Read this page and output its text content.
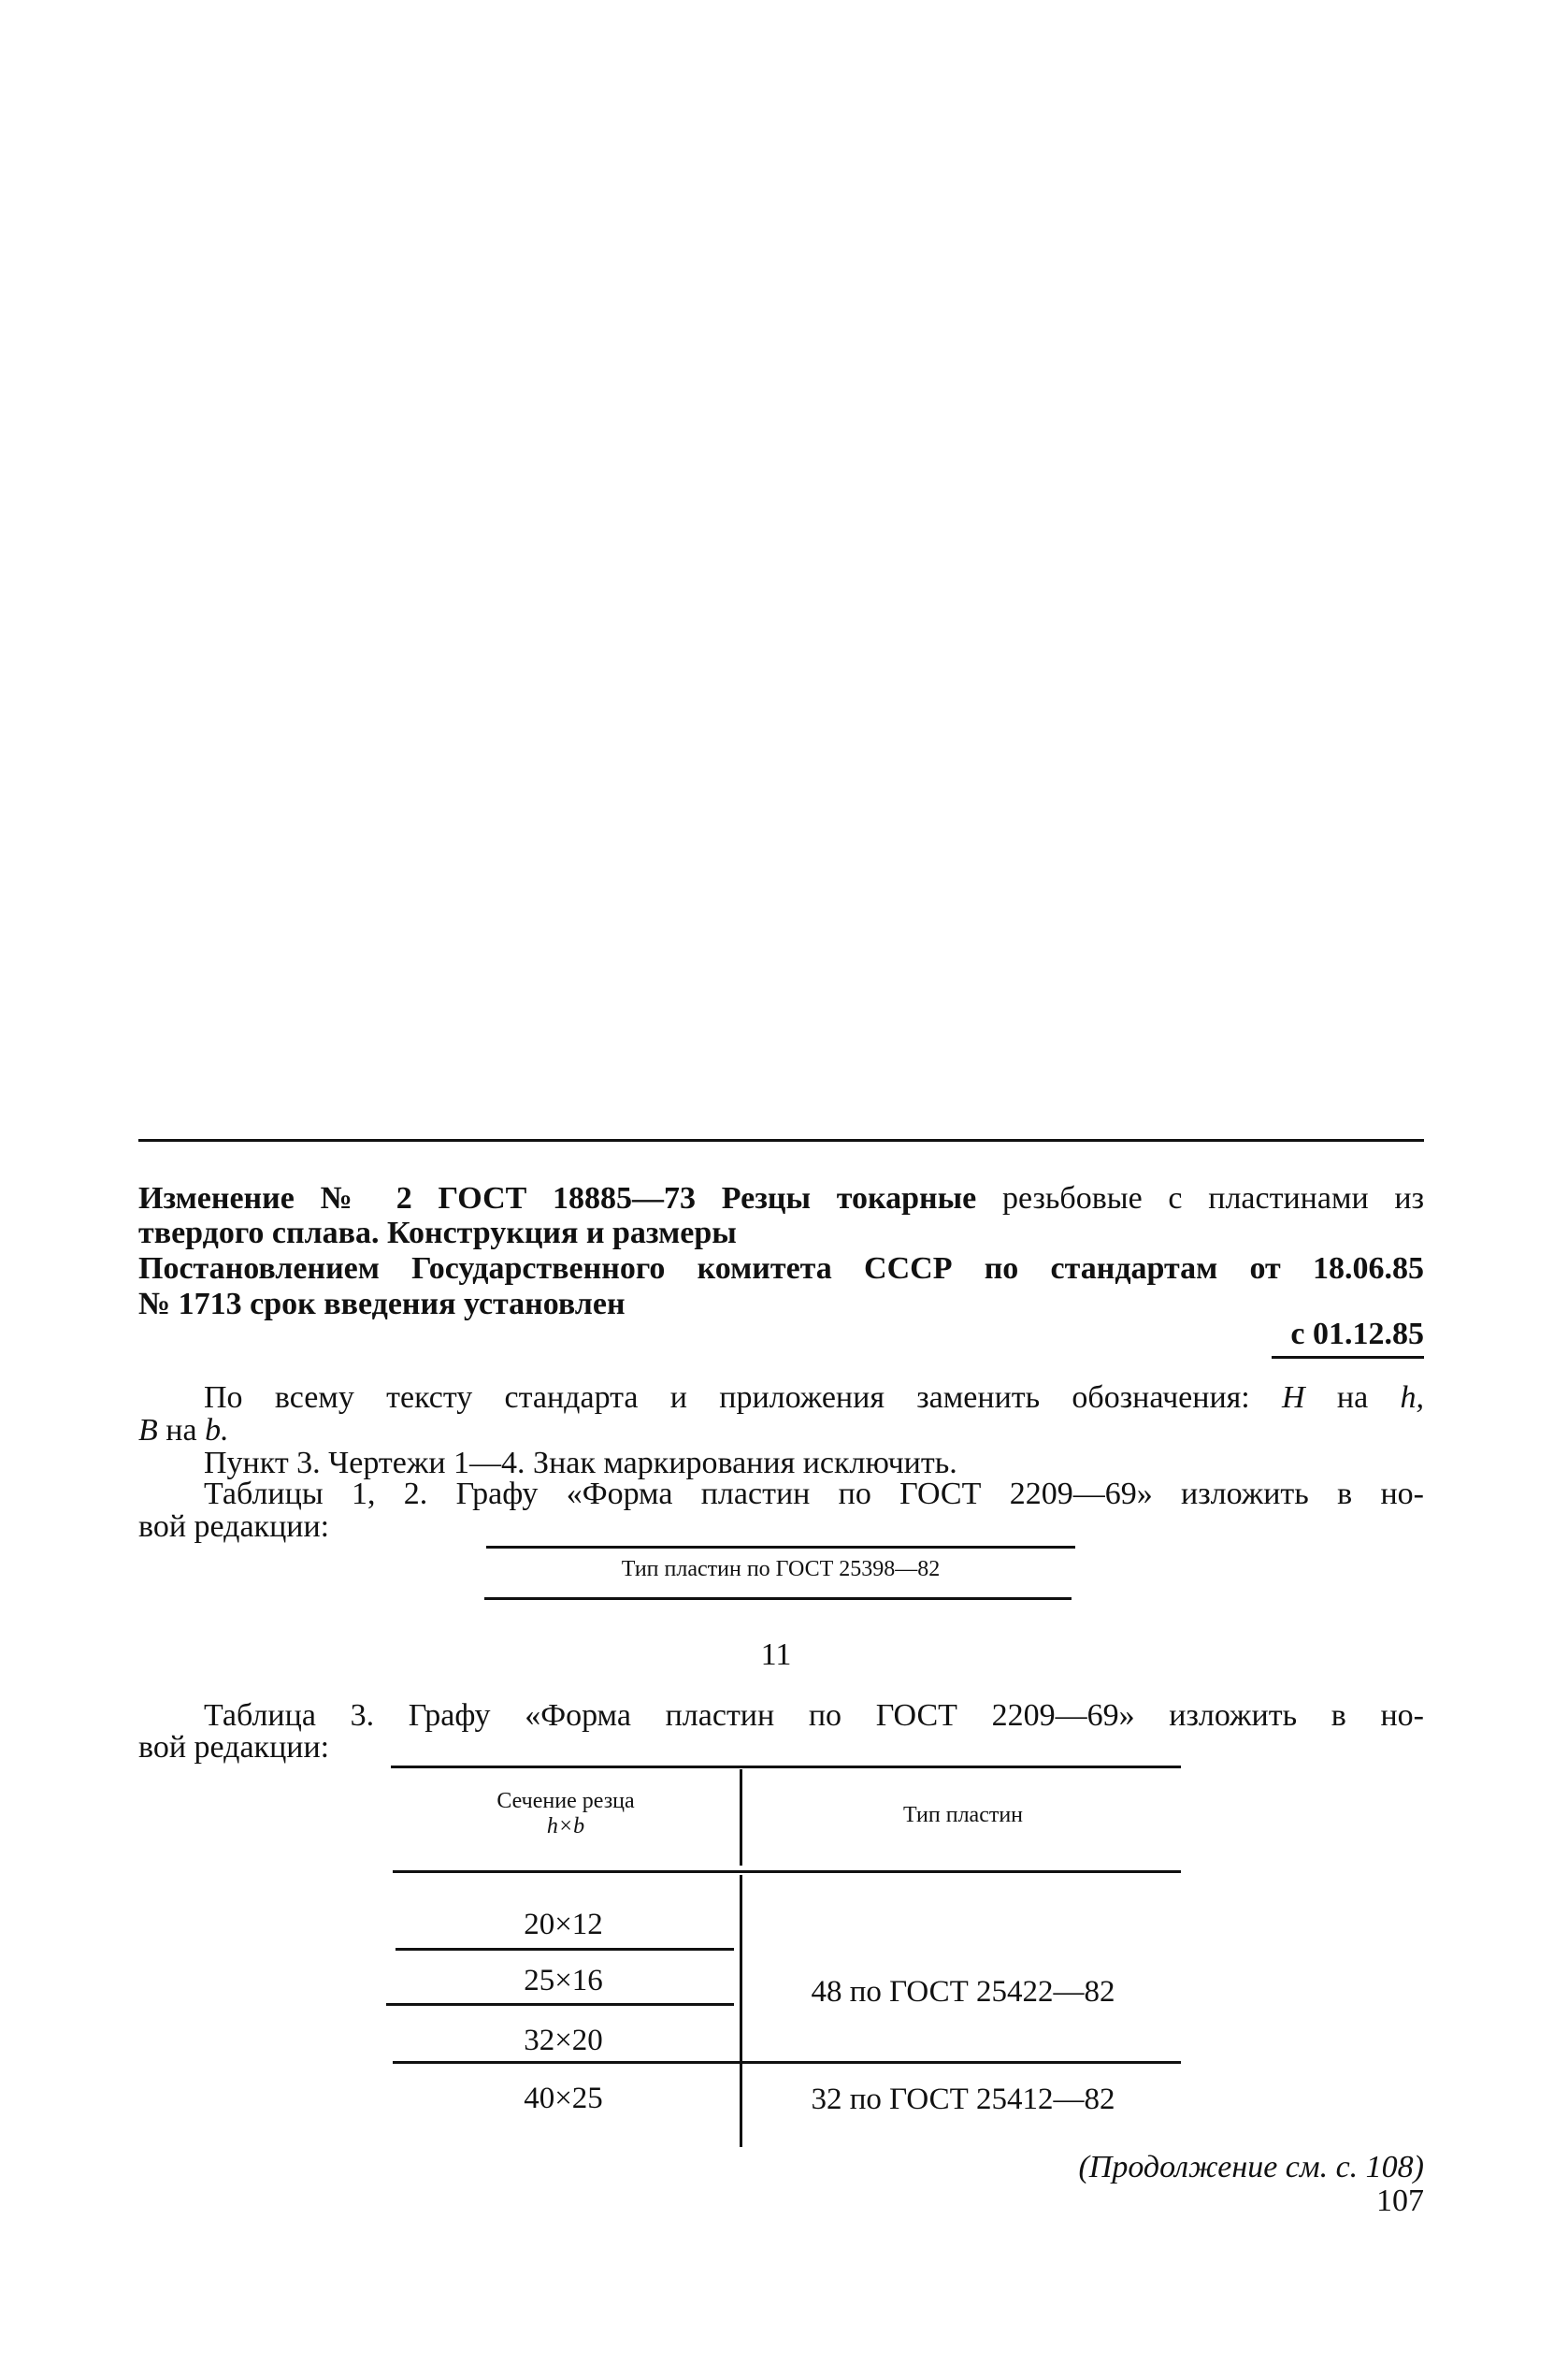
Изменение № 2 ГОСТ 18885—73 Резцы токарные резьбовые с пластинами из
твердого сплава. Конструкция и размеры
Постановлением Государственного комитета СССР по стандартам от 18.06.85
№ 1713 срок введения установлен
с 01.12.85
По всему тексту стандарта и приложения заменить обозначения: H на h,
B на b.
Пункт 3. Чертежи 1—4. Знак маркирования исключить.
Таблицы 1, 2. Графу «Форма пластин по ГОСТ 2209—69» изложить в но-
вой редакции:
Тип пластин по ГОСТ 25398—82
11
Таблица 3. Графу «Форма пластин по ГОСТ 2209—69» изложить в но-
вой редакции:
Сечение резца
h×b	Тип пластин
20×12
25×16
32×20
40×25
48 по ГОСТ 25422—82
32 по ГОСТ 25412—82
(Продолжение см. с. 108)
107
